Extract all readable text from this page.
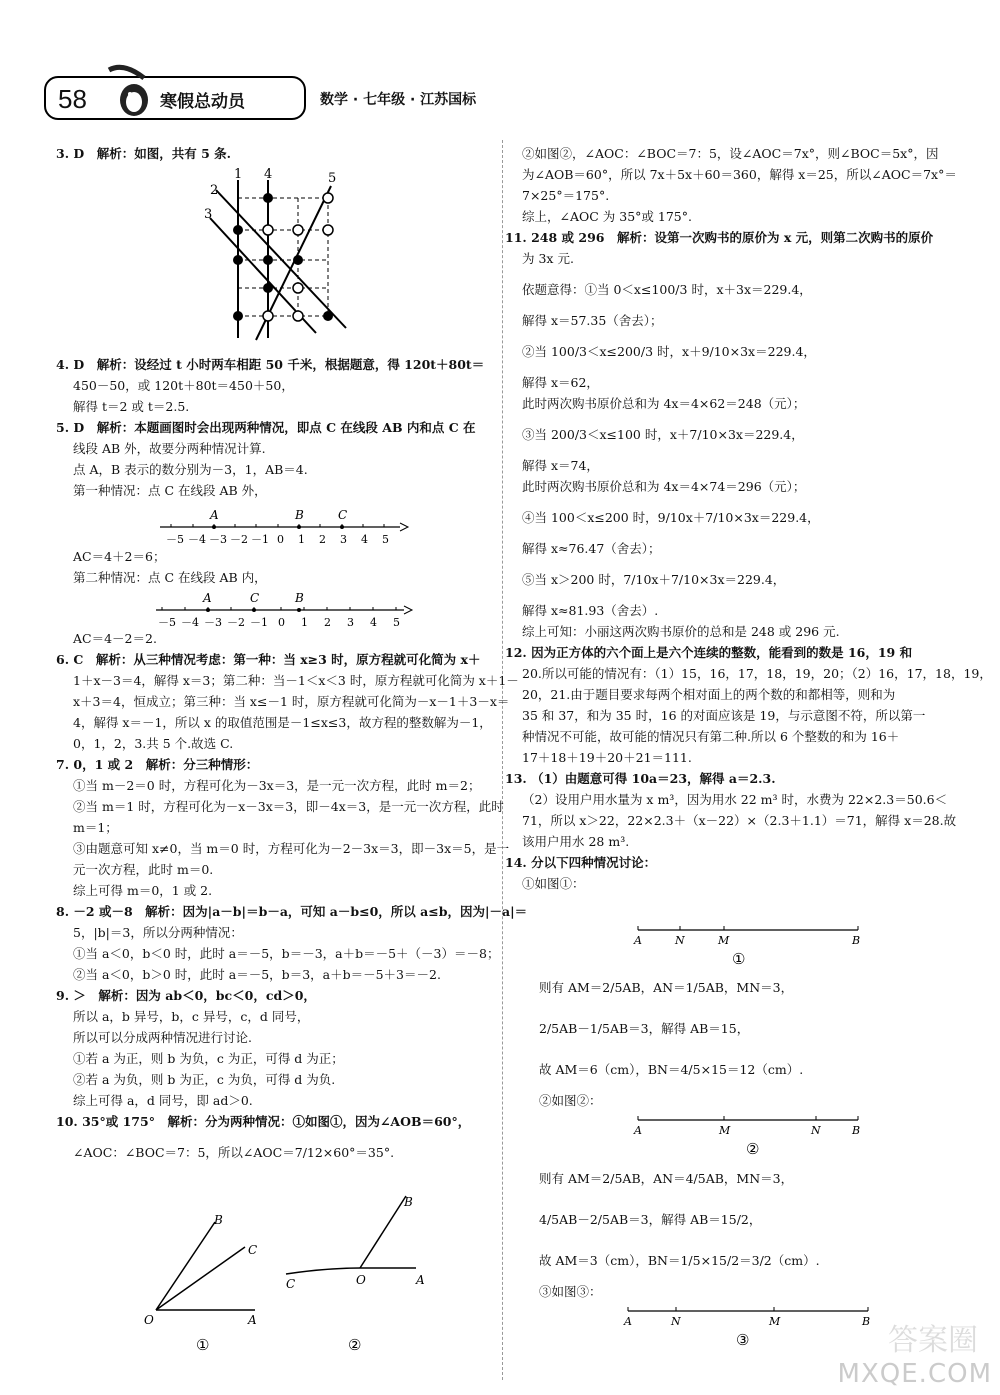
58	寒假总动员	数学 · 七年级 · 江苏国标

3. D　解析：如图，共有 5 条.

1
2
3
4	5

4. D　解析：设经过 t 小时两车相距 50 千米，根据题意，得 120t＋80t＝

450－50，或 120t＋80t＝450＋50，

解得 t＝2 或 t＝2.5.

5. D　解析：本题画图时会出现两种情况，即点 C 在线段 AB 内和点 C 在

线段 AB 外，故要分两种情况计算.

点 A，B 表示的数分别为－3，1，AB＝4.

第一种情况：点 C 在线段 AB 外，

A	B	C
－5 －4 －3 －2 －1 0 1 2 3 4 5

AC＝4＋2＝6；

第二种情况：点 C 在线段 AB 内，

A	C	B
－5 －4 －3 －2 －1 0 1 2 3 4 5

AC＝4－2＝2.

6. C　解析：从三种情况考虑：第一种：当 x≥3 时，原方程就可化简为 x＋

1＋x－3＝4，解得 x＝3；第二种：当－1＜x＜3 时，原方程就可化简为 x＋1－

x＋3＝4，恒成立；第三种：当 x≤－1 时，原方程就可化简为－x－1＋3－x＝

4，解得 x＝－1，所以 x 的取值范围是－1≤x≤3，故方程的整数解为－1，

0，1，2，3.共 5 个.故选 C.

7. 0，1 或 2　解析：分三种情形：

①当 m－2＝0 时，方程可化为－3x＝3，是一元一次方程，此时 m＝2；

②当 m＝1 时，方程可化为－x－3x＝3，即－4x＝3，是一元一次方程，此时

m＝1；

③由题意可知 x≠0，当 m＝0 时，方程可化为－2－3x＝3，即－3x＝5，是一

元一次方程，此时 m＝0.

综上可得 m＝0，1 或 2.

8. －2 或－8　解析：因为|a－b|＝b－a，可知 a－b≤0，所以 a≤b，因为|－a|＝

5，|b|＝3，所以分两种情况：

①当 a＜0，b＜0 时，此时 a＝－5，b＝－3，a＋b＝－5＋（－3）＝－8；

②当 a＜0，b＞0 时，此时 a＝－5，b＝3，a＋b＝－5＋3＝－2.

9. ＞　解析：因为 ab＜0，bc＜0，cd＞0，

所以 a，b 异号，b，c 异号，c，d 同号，

所以可以分成两种情况进行讨论.

①若 a 为正，则 b 为负，c 为正，可得 d 为正；

②若 a 为负，则 b 为正，c 为负，可得 d 为负.

综上可得 a，d 同号，即 ad＞0.

10. 35°或 175°　解析：分为两种情况：①如图①，因为∠AOB＝60°，

∠AOC：∠BOC＝7：5，所以∠AOC＝7/12×60°＝35°.

B
C
O	A
①
B
C	O	A
②

②如图②，∠AOC：∠BOC＝7：5，设∠AOC＝7x°，则∠BOC＝5x°，因

为∠AOB＝60°，所以 7x＋5x＋60＝360，解得 x＝25，所以∠AOC＝7x°＝

7×25°＝175°.

综上，∠AOC 为 35°或 175°.

11. 248 或 296　解析：设第一次购书的原价为 x 元，则第二次购书的原价

为 3x 元.

依题意得：①当 0＜x≤100/3 时，x＋3x＝229.4，

解得 x＝57.35（舍去）；

②当 100/3＜x≤200/3 时，x＋9/10×3x＝229.4，

解得 x＝62，

此时两次购书原价总和为 4x＝4×62＝248（元）；

③当 200/3＜x≤100 时，x＋7/10×3x＝229.4，

解得 x＝74，

此时两次购书原价总和为 4x＝4×74＝296（元）；

④当 100＜x≤200 时，9/10x＋7/10×3x＝229.4，

解得 x≈76.47（舍去）；

⑤当 x＞200 时，7/10x＋7/10×3x＝229.4，

解得 x≈81.93（舍去）.

综上可知：小丽这两次购书原价的总和是 248 或 296 元.

12. 因为正方体的六个面上是六个连续的整数，能看到的数是 16，19 和

20.所以可能的情况有：（1）15，16，17，18，19，20；（2）16，17，18，19，

20，21.由于题目要求每两个相对面上的两个数的和都相等，则和为

35 和 37，和为 35 时，16 的对面应该是 19，与示意图不符，所以第一

种情况不可能，故可能的情况只有第二种.所以 6 个整数的和为 16＋

17＋18＋19＋20＋21＝111.

13. （1）由题意可得 10a＝23，解得 a＝2.3.

（2）设用户用水量为 x m³，因为用水 22 m³ 时，水费为 22×2.3＝50.6＜

71，所以 x＞22，22×2.3＋（x－22）×（2.3＋1.1）＝71，解得 x＝28.故

该用户用水 28 m³.

14. 分以下四种情况讨论：

①如图①：

A	N	M	B
①

则有 AM＝2/5AB，AN＝1/5AB，MN＝3，

2/5AB－1/5AB＝3，解得 AB＝15，

故 AM＝6（cm），BN＝4/5×15＝12（cm）.

②如图②：

A	M	N	B
②

则有 AM＝2/5AB，AN＝4/5AB，MN＝3，

4/5AB－2/5AB＝3，解得 AB＝15/2，

故 AM＝3（cm），BN＝1/5×15/2＝3/2（cm）.

③如图③：

A	N	M	B
③	答案圈
MXQE.COM
